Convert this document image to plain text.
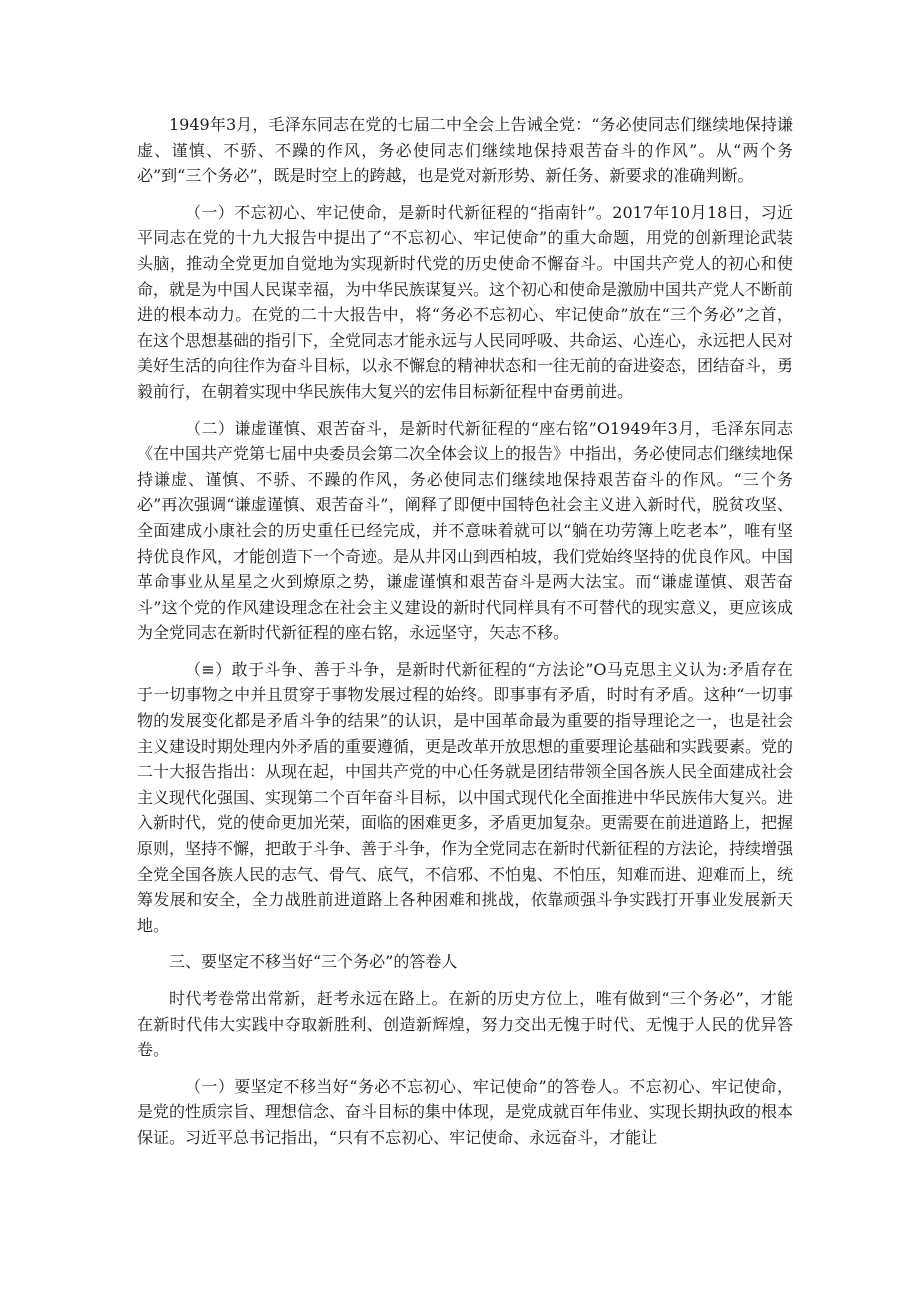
1949年3月，毛泽东同志在党的七届二中全会上告诫全党：“务必使同志们继续地保持谦虚、谨慎、不骄、不躁的作风，务必使同志们继续地保持艰苦奋斗的作风”。从“两个务必”到“三个务必”，既是时空上的跨越，也是党对新形势、新任务、新要求的准确判断。

（一）不忘初心、牢记使命，是新时代新征程的“指南针”。2017年10月18日，习近平同志在党的十九大报告中提出了“不忘初心、牢记使命”的重大命题，用党的创新理论武装头脑，推动全党更加自觉地为实现新时代党的历史使命不懈奋斗。中国共产党人的初心和使命，就是为中国人民谋幸福，为中华民族谋复兴。这个初心和使命是激励中国共产党人不断前进的根本动力。在党的二十大报告中，将“务必不忘初心、牢记使命”放在“三个务必”之首，在这个思想基础的指引下，全党同志才能永远与人民同呼吸、共命运、心连心，永远把人民对美好生活的向往作为奋斗目标，以永不懈怠的精神状态和一往无前的奋进姿态，团结奋斗，勇毅前行，在朝着实现中华民族伟大复兴的宏伟目标新征程中奋勇前进。

（二）谦虚谨慎、艰苦奋斗，是新时代新征程的“座右铭”O1949年3月，毛泽东同志《在中国共产党第七届中央委员会第二次全体会议上的报告》中指出，务必使同志们继续地保持谦虚、谨慎、不骄、不躁的作风，务必使同志们继续地保持艰苦奋斗的作风。“三个务必”再次强调“谦虚谨慎、艰苦奋斗”，阐释了即便中国特色社会主义进入新时代，脱贫攻坚、全面建成小康社会的历史重任已经完成，并不意味着就可以“躺在功劳簿上吃老本”，唯有坚持优良作风，才能创造下一个奇迹。是从井冈山到西柏坡，我们党始终坚持的优良作风。中国革命事业从星星之火到燎原之势，谦虚谨慎和艰苦奋斗是两大法宝。而“谦虚谨慎、艰苦奋斗”这个党的作风建设理念在社会主义建设的新时代同样具有不可替代的现实意义，更应该成为全党同志在新时代新征程的座右铭，永远坚守，矢志不移。

（≡）敢于斗争、善于斗争，是新时代新征程的“方法论”O马克思主义认为:矛盾存在于一切事物之中并且贯穿于事物发展过程的始终。即事事有矛盾，时时有矛盾。这种“一切事物的发展变化都是矛盾斗争的结果”的认识，是中国革命最为重要的指导理论之一，也是社会主义建设时期处理内外矛盾的重要遵循，更是改革开放思想的重要理论基础和实践要素。党的二十大报告指出：从现在起，中国共产党的中心任务就是团结带领全国各族人民全面建成社会主义现代化强国、实现第二个百年奋斗目标，以中国式现代化全面推进中华民族伟大复兴。进入新时代，党的使命更加光荣，面临的困难更多，矛盾更加复杂。更需要在前进道路上，把握原则，坚持不懈，把敢于斗争、善于斗争，作为全党同志在新时代新征程的方法论，持续增强全党全国各族人民的志气、骨气、底气，不信邪、不怕鬼、不怕压，知难而进、迎难而上，统筹发展和安全，全力战胜前进道路上各种困难和挑战，依靠顽强斗争实践打开事业发展新天地。

三、要坚定不移当好“三个务必”的答卷人

时代考卷常出常新，赶考永远在路上。在新的历史方位上，唯有做到“三个务必”，才能在新时代伟大实践中夺取新胜利、创造新辉煌，努力交出无愧于时代、无愧于人民的优异答卷。

（一）要坚定不移当好“务必不忘初心、牢记使命”的答卷人。不忘初心、牢记使命，是党的性质宗旨、理想信念、奋斗目标的集中体现，是党成就百年伟业、实现长期执政的根本保证。习近平总书记指出，“只有不忘初心、牢记使命、永远奋斗，才能让
